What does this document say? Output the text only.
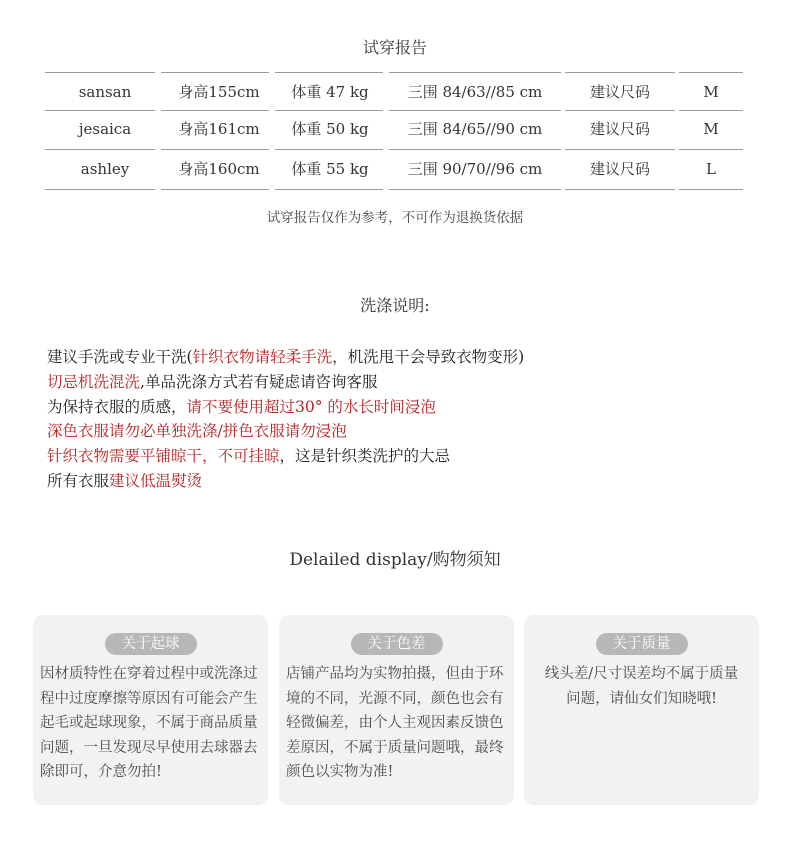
试穿报告
sansan	身高155cm	体重 47 kg	三围 84/63//85 cm	建议尺码	M
jesaica	身高161cm	体重 50 kg	三围 84/65//90 cm	建议尺码	M
ashley	身高160cm	体重 55 kg	三围 90/70//96 cm	建议尺码	L
试穿报告仅作为参考，不可作为退换货依据
洗涤说明:
建议手洗或专业干洗(针织衣物请轻柔手洗，机洗甩干会导致衣物变形)
切忌机洗混洗,单品洗涤方式若有疑虑请咨询客服
为保持衣服的质感，请不要使用超过30° 的水长时间浸泡
深色衣服请勿必单独洗涤/拼色衣服请勿浸泡
针织衣物需要平铺晾干，不可挂晾，这是针织类洗护的大忌
所有衣服建议低温熨烫
Delailed display/购物须知
关于起球
因材质特性在穿着过程中或洗涤过程中过度摩擦等原因有可能会产生起毛或起球现象，不属于商品质量问题，一旦发现尽早使用去球器去除即可，介意勿拍!
关于色差
店铺产品均为实物拍摄，但由于环境的不同，光源不同，颜色也会有轻微偏差，由个人主观因素反馈色差原因，不属于质量问题哦，最终颜色以实物为准!
关于质量
线头差/尺寸误差均不属于质量问题，请仙女们知晓哦!
